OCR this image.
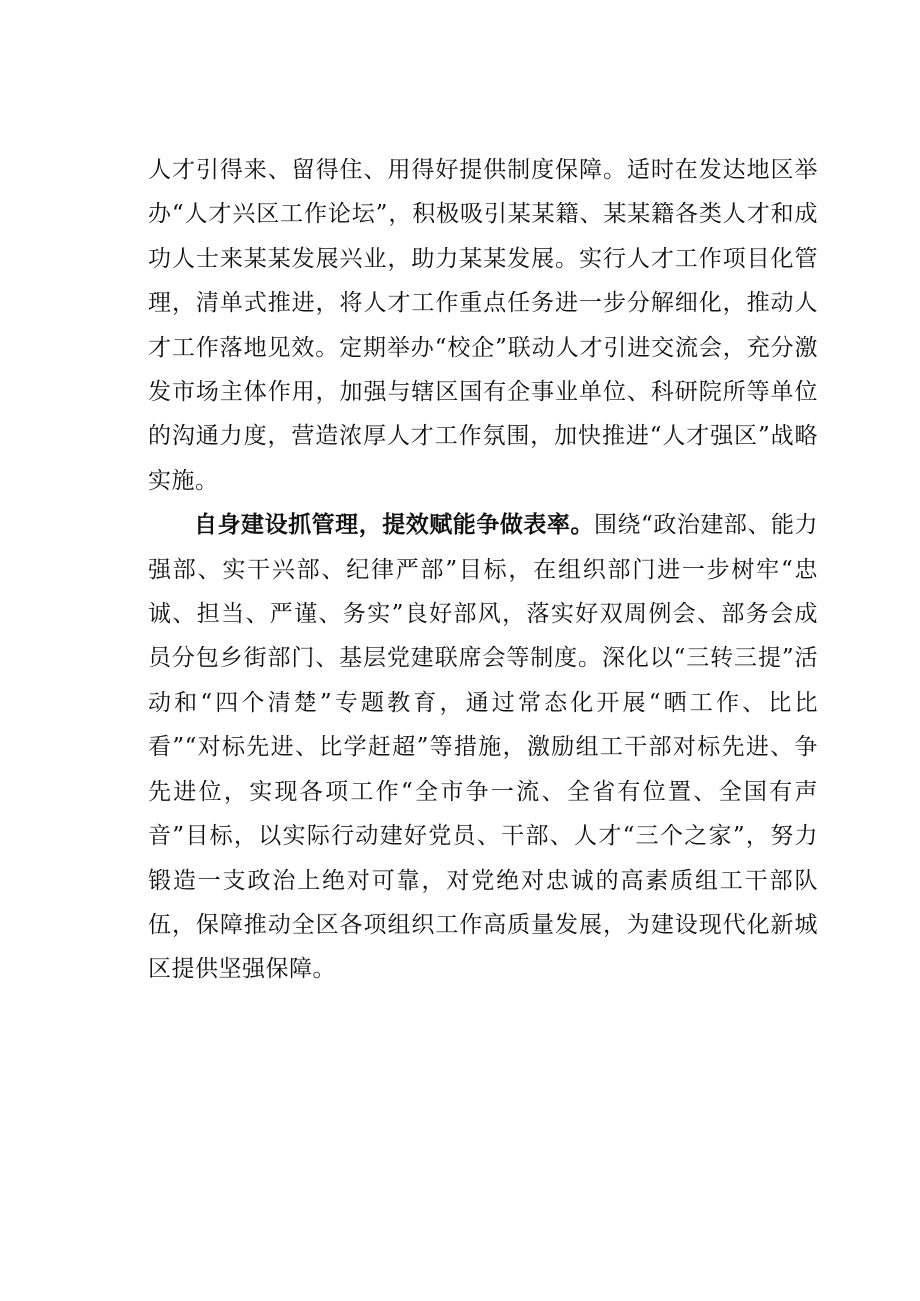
人才引得来、留得住、用得好提供制度保障。适时在发达地区举办“人才兴区工作论坛”，积极吸引某某籍、某某籍各类人才和成功人士来某某发展兴业，助力某某发展。实行人才工作项目化管理，清单式推进，将人才工作重点任务进一步分解细化，推动人才工作落地见效。定期举办“校企”联动人才引进交流会，充分激发市场主体作用，加强与辖区国有企事业单位、科研院所等单位的沟通力度，营造浓厚人才工作氛围，加快推进“人才强区”战略实施。

自身建设抓管理，提效赋能争做表率。围绕“政治建部、能力强部、实干兴部、纪律严部”目标，在组织部门进一步树牢“忠诚、担当、严谨、务实”良好部风，落实好双周例会、部务会成员分包乡街部门、基层党建联席会等制度。深化以“三转三提”活动和“四个清楚”专题教育，通过常态化开展“晒工作、比比看”“对标先进、比学赶超”等措施，激励组工干部对标先进、争先进位，实现各项工作“全市争一流、全省有位置、全国有声音”目标，以实际行动建好党员、干部、人才“三个之家”，努力锻造一支政治上绝对可靠，对党绝对忠诚的高素质组工干部队伍，保障推动全区各项组织工作高质量发展，为建设现代化新城区提供坚强保障。
